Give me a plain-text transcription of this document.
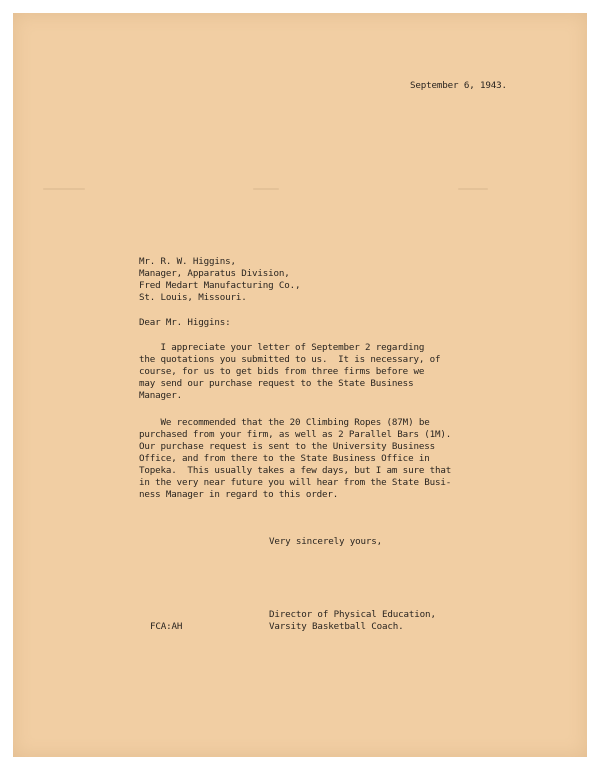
September 6, 1943.
Mr. R. W. Higgins,
Manager, Apparatus Division,
Fred Medart Manufacturing Co.,
St. Louis, Missouri.
Dear Mr. Higgins:
I appreciate your letter of September 2 regarding
the quotations you submitted to us.  It is necessary, of
course, for us to get bids from three firms before we
may send our purchase request to the State Business
Manager.
We recommended that the 20 Climbing Ropes (87M) be
purchased from your firm, as well as 2 Parallel Bars (1M).
Our purchase request is sent to the University Business
Office, and from there to the State Business Office in
Topeka.  This usually takes a few days, but I am sure that
in the very near future you will hear from the State Busi-
ness Manager in regard to this order.
Very sincerely yours,
Director of Physical Education,
Varsity Basketball Coach.
FCA:AH
